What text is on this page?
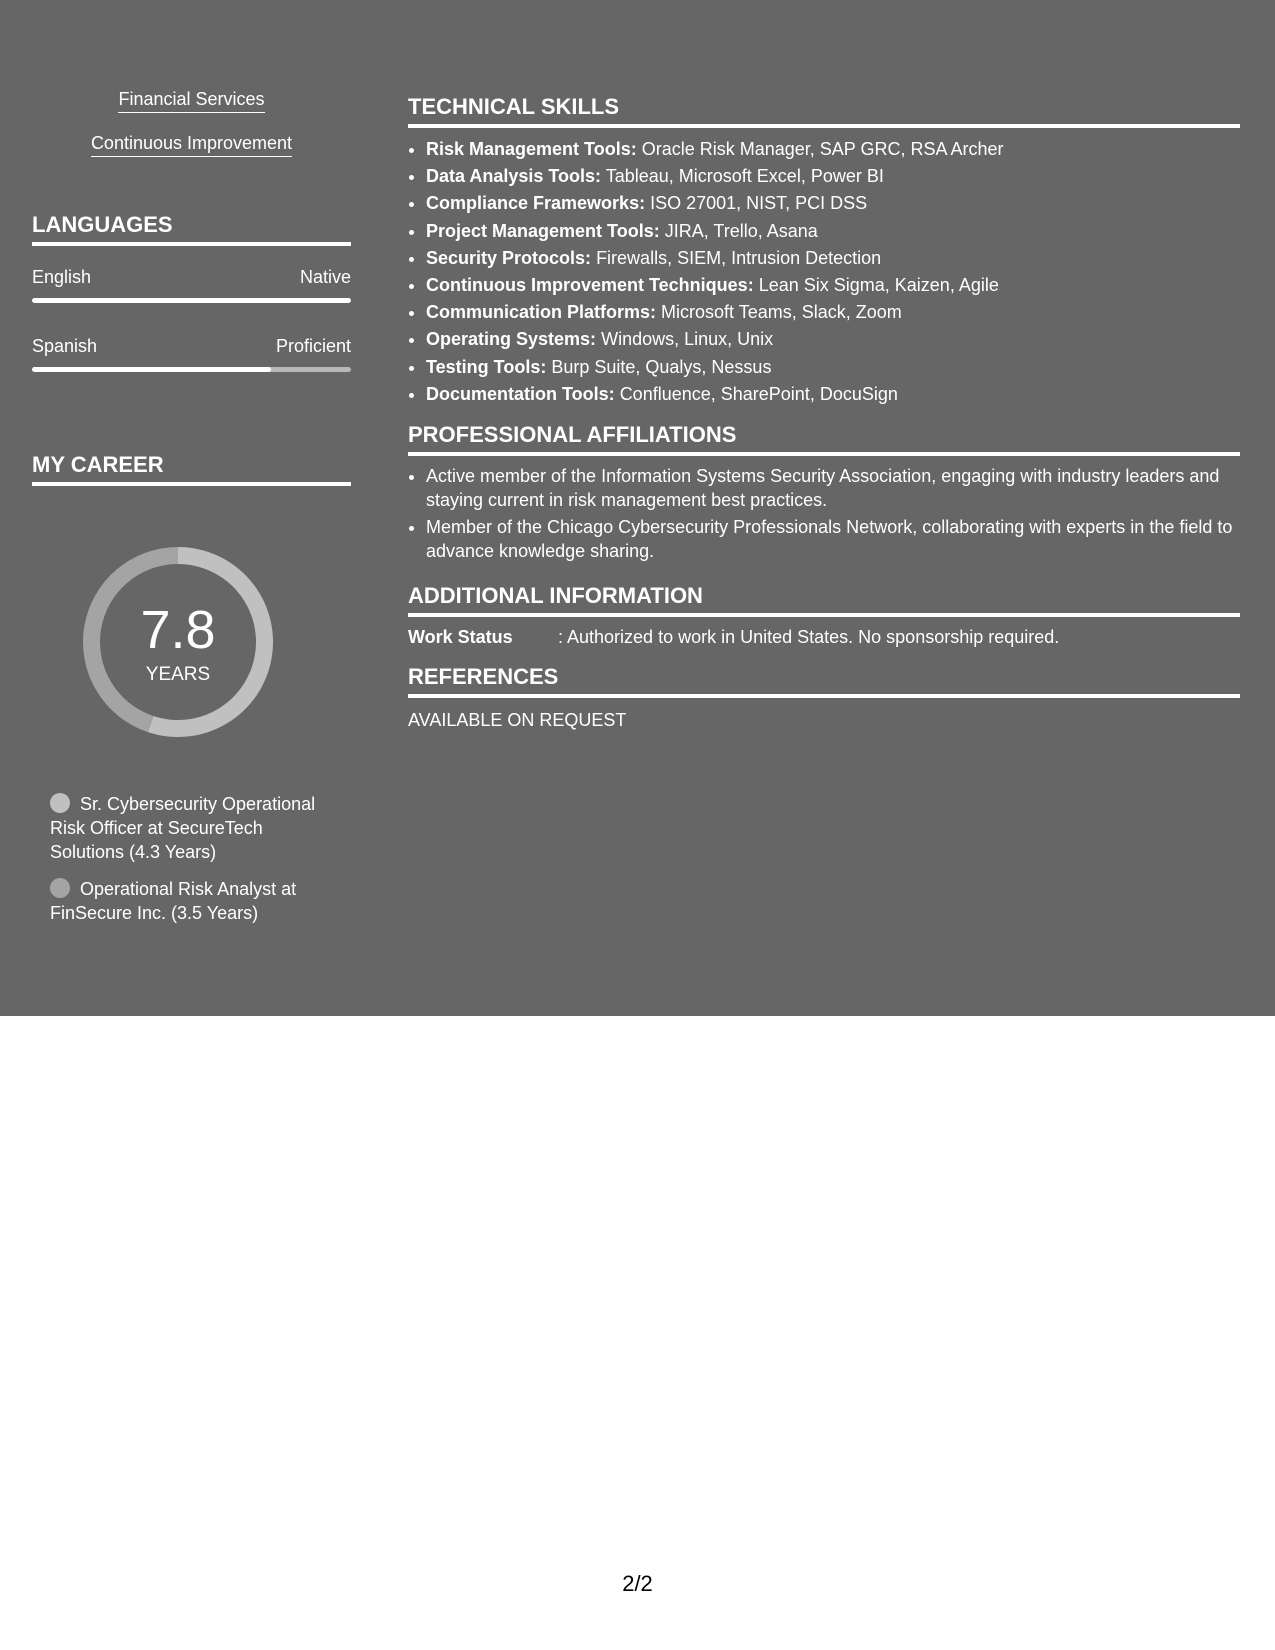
Financial Services
Continuous Improvement
LANGUAGES
English	Native
Spanish	Proficient
MY CAREER
7.8
YEARS
Sr. Cybersecurity Operational Risk Officer at SecureTech Solutions (4.3 Years)
Operational Risk Analyst at FinSecure Inc. (3.5 Years)
TECHNICAL SKILLS
• Risk Management Tools: Oracle Risk Manager, SAP GRC, RSA Archer
• Data Analysis Tools: Tableau, Microsoft Excel, Power BI
• Compliance Frameworks: ISO 27001, NIST, PCI DSS
• Project Management Tools: JIRA, Trello, Asana
• Security Protocols: Firewalls, SIEM, Intrusion Detection
• Continuous Improvement Techniques: Lean Six Sigma, Kaizen, Agile
• Communication Platforms: Microsoft Teams, Slack, Zoom
• Operating Systems: Windows, Linux, Unix
• Testing Tools: Burp Suite, Qualys, Nessus
• Documentation Tools: Confluence, SharePoint, DocuSign
PROFESSIONAL AFFILIATIONS
• Active member of the Information Systems Security Association, engaging with industry leaders and staying current in risk management best practices.
• Member of the Chicago Cybersecurity Professionals Network, collaborating with experts in the field to advance knowledge sharing.
ADDITIONAL INFORMATION
Work Status	: Authorized to work in United States. No sponsorship required.
REFERENCES
AVAILABLE ON REQUEST
2/2
